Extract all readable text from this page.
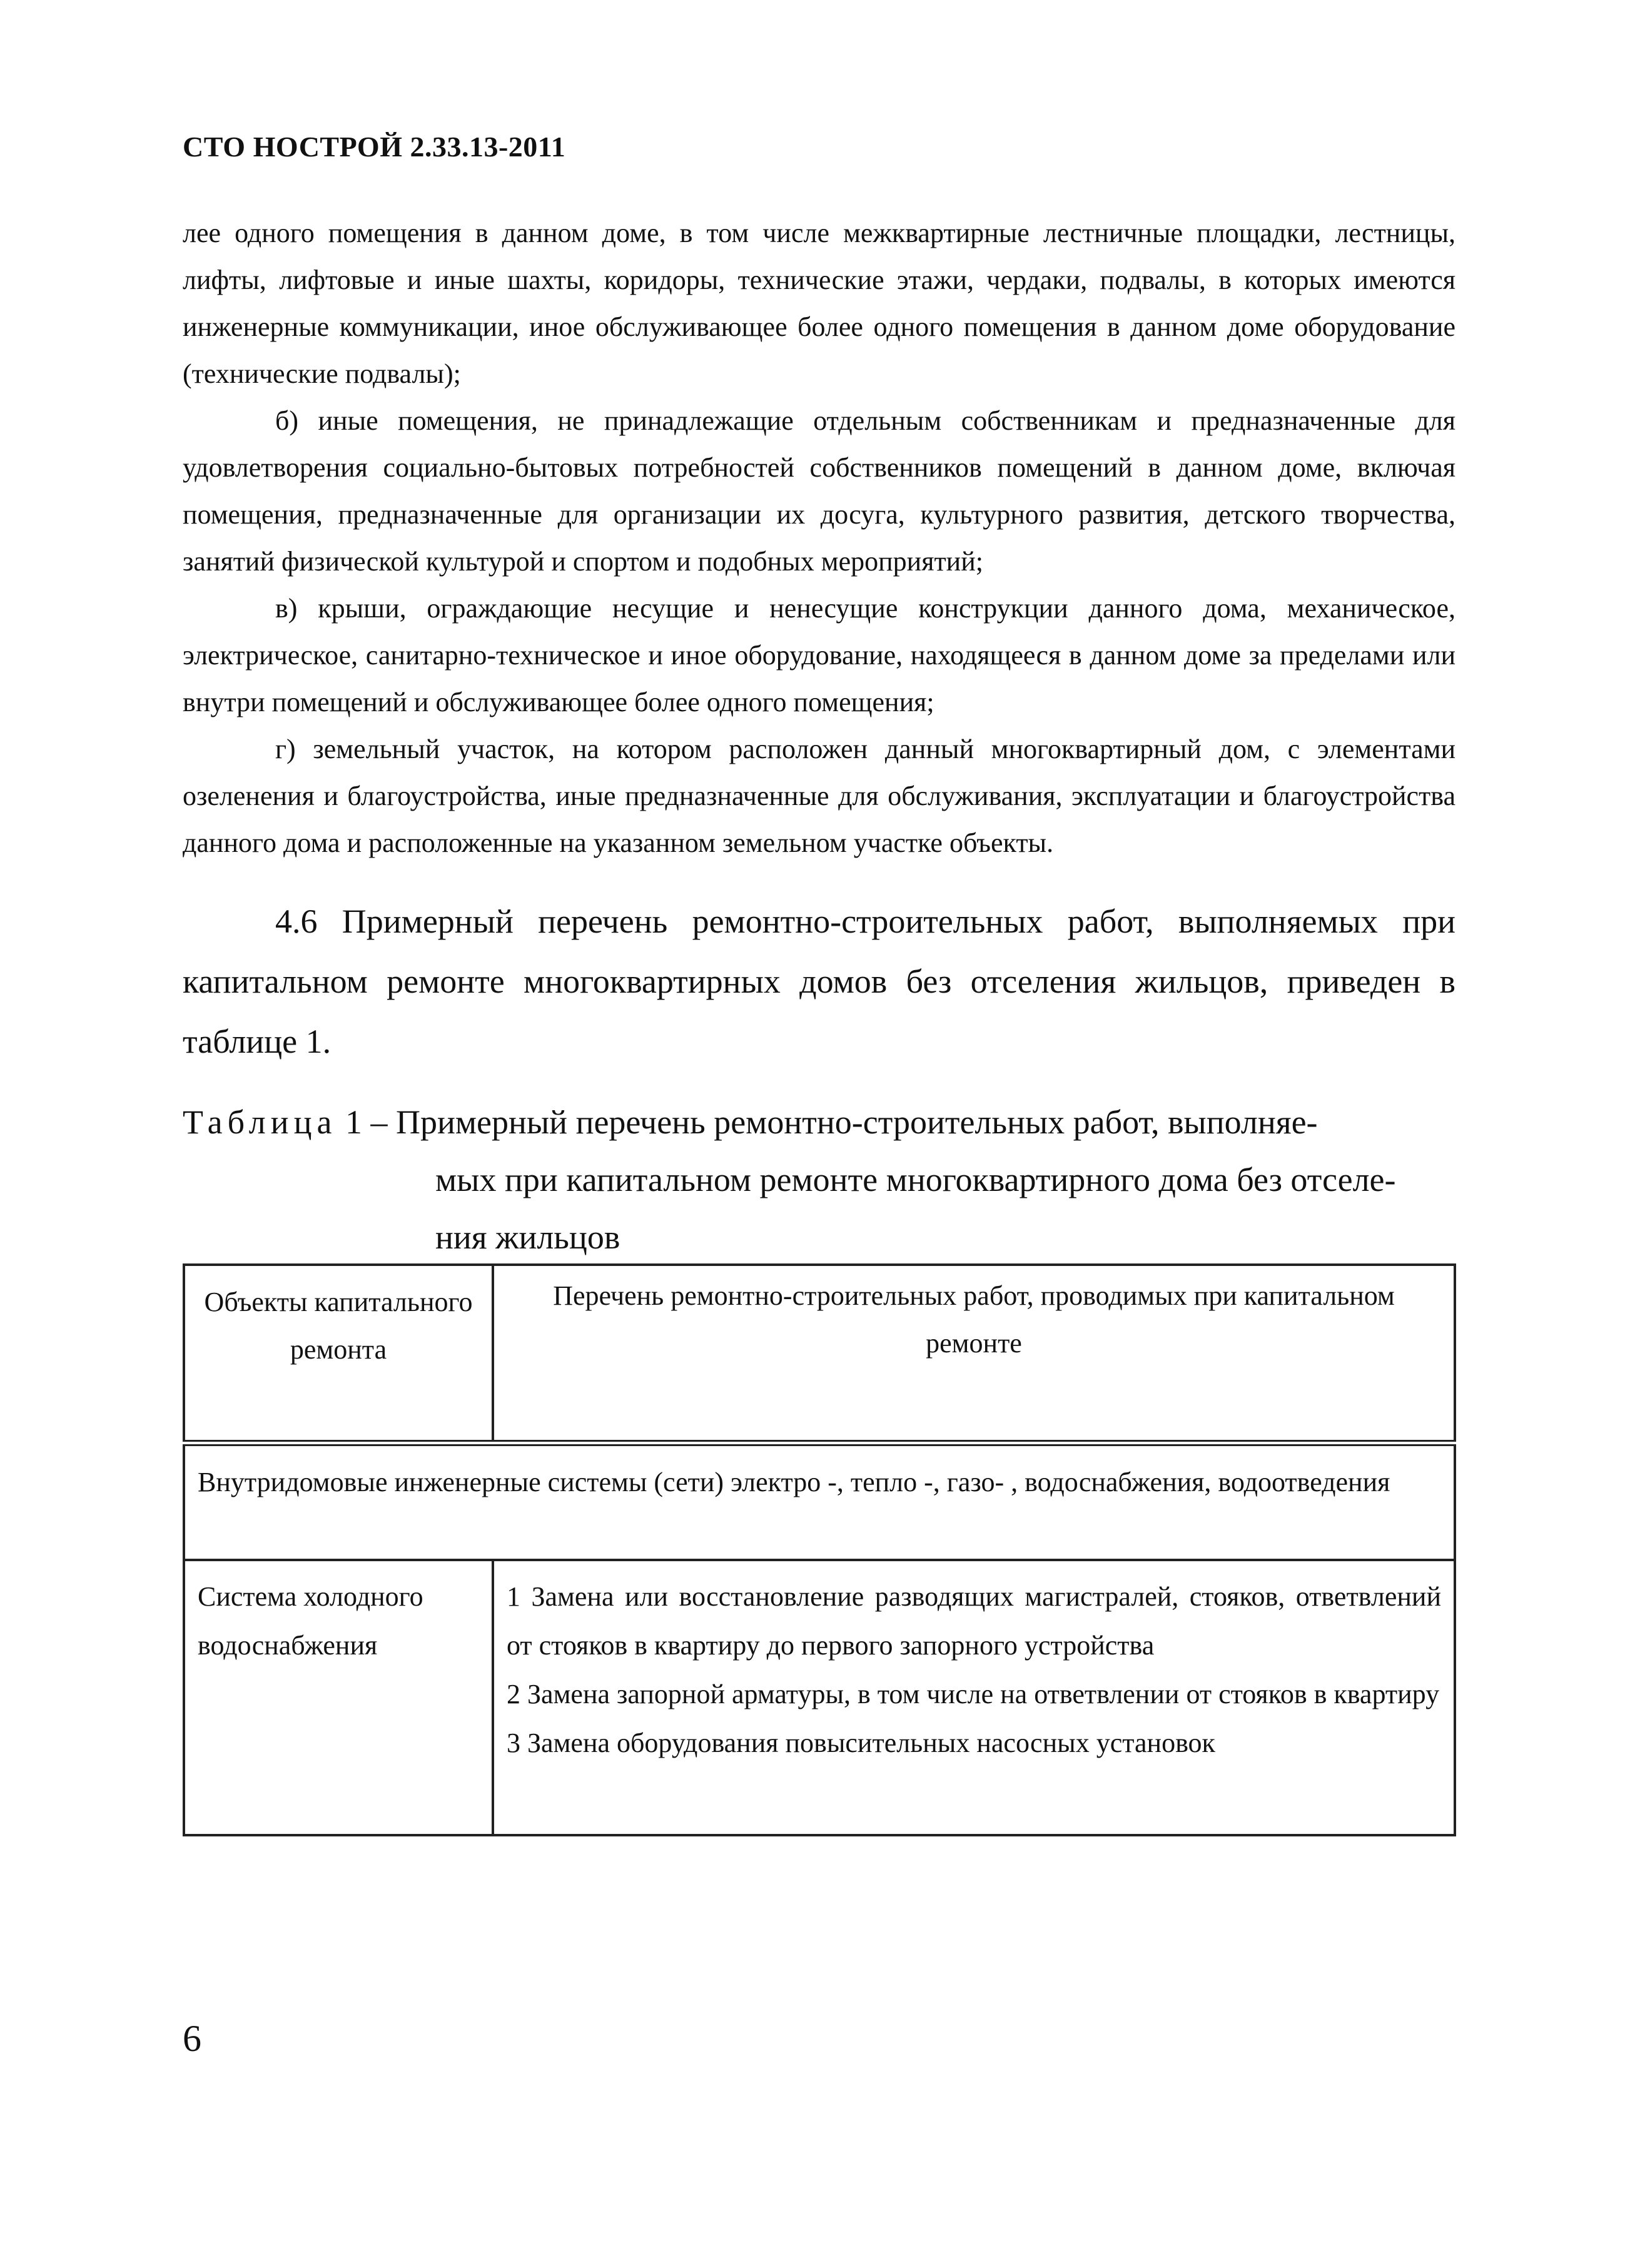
СТО НОСТРОЙ 2.33.13-2011

лее одного помещения в данном доме, в том числе межквартирные лестничные площадки, лестницы, лифты, лифтовые и иные шахты, коридоры, технические этажи, чердаки, подвалы, в которых имеются инженерные коммуникации, иное обслуживающее более одного помещения в данном доме оборудование (технические подвалы);

б) иные помещения, не принадлежащие отдельным собственникам и предназначенные для удовлетворения социально-бытовых потребностей собственников помещений в данном доме, включая помещения, предназначенные для организации их досуга, культурного развития, детского творчества, занятий физической культурой и спортом и подобных мероприятий;

в) крыши, ограждающие несущие и ненесущие конструкции данного дома, механическое, электрическое, санитарно-техническое и иное оборудование, находящееся в данном доме за пределами или внутри помещений и обслуживающее более одного помещения;

г) земельный участок, на котором расположен данный многоквартирный дом, с элементами озеленения и благоустройства, иные предназначенные для обслуживания, эксплуатации и благоустройства данного дома и расположенные на указанном земельном участке объекты.

4.6 Примерный перечень ремонтно-строительных работ, выполняемых при капитальном ремонте многоквартирных домов без отселения жильцов, приведен в таблице 1.
Таблица 1 – Примерный перечень ремонтно-строительных работ, выполняе-
мых при капитальном ремонте многоквартирного дома без отселе-
ния жильцов
Объекты капитального ремонта	Перечень ремонтно-строительных работ, проводимых при капитальном ремонте
Внутридомовые инженерные системы (сети) электро -, тепло -, газо- , водоснабжения, водоотведения	
Система холодного водоснабжения	1 Замена или восстановление разводящих магистралей, стояков, ответвлений от стояков в квартиру до первого запорного устройства
2 Замена запорной арматуры, в том числе на ответвлении от стояков в квартиру
3 Замена оборудования повысительных насосных установок
6
